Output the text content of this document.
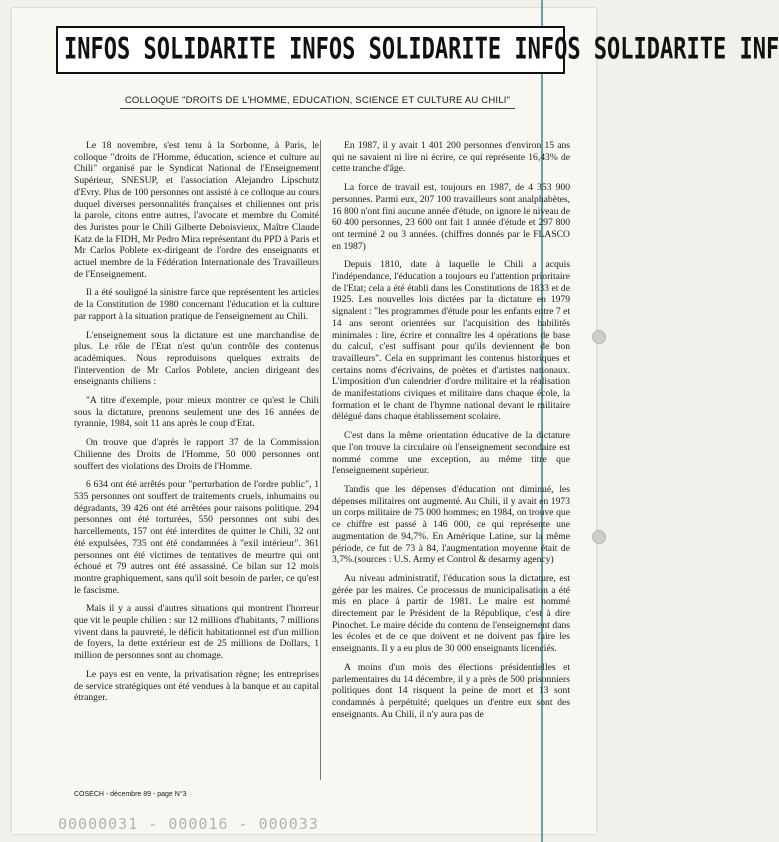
INFOS SOLIDARITE INFOS SOLIDARITE INFOS SOLIDARITE INF
COLLOQUE "DROITS DE L'HOMME, EDUCATION, SCIENCE ET CULTURE AU CHILI"

Le 18 novembre, s'est tenu à la Sorbonne, à Paris, le colloque "droits de l'Homme, éducation, science et culture au Chili" organisé par le Syndicat National de l'Enseignement Supérieur, SNESUP, et l'association Alejandro Lipschutz d'Evry. Plus de 100 personnes ont assisté à ce colloque au cours duquel diverses personnalités françaises et chiliennes ont pris la parole, citons entre autres, l'avocate et membre du Comité des Juristes pour le Chili Gilberte Deboisvieux, Maître Claude Katz de la FIDH, Mr Pedro Mira représentant du PPD à Paris et Mr Carlos Poblete ex-dirigeant de l'ordre des enseignants et actuel membre de la Fédération Internationale des Travailleurs de l'Enseignement.

Il a été souligné la sinistre farce que représentent les articles de la Constitution de 1980 concernant l'éducation et la culture par rapport à la situation pratique de l'enseignement au Chili.

L'enseignement sous la dictature est une marchandise de plus. Le rôle de l'Etat n'est qu'un contrôle des contenus académiques. Nous reproduisons quelques extraits de l'intervention de Mr Carlos Poblete, ancien dirigeant des enseignants chiliens :

"A titre d'exemple, pour mieux montrer ce qu'est le Chili sous la dictature, prenons seulement une des 16 années de tyrannie, 1984, soit 11 ans après le coup d'Etat.

On trouve que d'après le rapport 37 de la Commission Chilienne des Droits de l'Homme, 50 000 personnes ont souffert des violations des Droits de l'Homme.

6 634 ont été arrêtés pour "perturbation de l'ordre public", 1 535 personnes ont souffert de traitements cruels, inhumains ou dégradants, 39 426 ont été arrêtées pour raisons politique. 294 personnes ont été torturées, 550 personnes ont subi des harcellements, 157 ont été interdites de quitter le Chili, 32 ont été expulsées, 735 ont été condamnées à "exil intérieur". 361 personnes ont été victimes de tentatives de meurtre qui ont échoué et 79 autres ont été assassiné. Ce bilan sur 12 mois montre graphiquement, sans qu'il soit besoin de parler, ce qu'est le fascisme.

Mais il y a aussi d'autres situations qui montrent l'horreur que vit le peuple chilien : sur 12 millions d'habitants, 7 millions vivent dans la pauvreté, le déficit habitationnel est d'un million de foyers, la dette extérieur est de 25 millions de Dollars, 1 million de personnes sont au chomage.

Le pays est en vente, la privatisation règne; les entreprises de service stratégiques ont été vendues à la banque et au capital étranger.

En 1987, il y avait 1 401 200 personnes d'environ 15 ans qui ne savaient ni lire ni écrire, ce qui représente 16,43% de cette tranche d'âge.

La force de travail est, toujours en 1987, de 4 353 900 personnes. Parmi eux, 207 100 travailleurs sont analphabètes, 16 800 n'ont fini aucune année d'étude, on ignore le niveau de 60 400 personnes, 23 600 ont fait 1 année d'étude et 297 800 ont terminé 2 ou 3 années. (chiffres donnés par le FLASCO en 1987)

Depuis 1810, date à laquelle le Chili a acquis l'indépendance, l'éducation a toujours eu l'attention prioritaire de l'Etat; cela a été établi dans les Constitutions de 1833 et de 1925. Les nouvelles lois dictées par la dictature en 1979 signalent : "les programmes d'étude pour les enfants entre 7 et 14 ans seront orientées sur l'acquisition des habilités minimales : lire, écrire et connaître les 4 opérations de base du calcul, c'est suffisant pour qu'ils deviennent de bon travailleurs". Cela en supprimant les contenus historiques et certains noms d'écrivains, de poètes et d'artistes nationaux. L'imposition d'un calendrier d'ordre militaire et la réalisation de manifestations civiques et militaire dans chaque école, la formation et le chant de l'hymne national devant le militaire délégué dans chaque établissement scolaire.

C'est dans la même orientation éducative de la dictature que l'on trouve la circulaire où l'enseignement secondaire est nommé comme une exception, au même titre que l'enseignement supérieur.

Tandis que les dépenses d'éducation ont diminué, les dépenses militaires ont augmenté. Au Chili, il y avait en 1973 un corps militaire de 75 000 hommes; en 1984, on trouve que ce chiffre est passé à 146 000, ce qui représente une augmentation de 94,7%. En Amérique Latine, sur la même période, ce fut de 73 à 84, l'augmentation moyenne était de 3,7%.(sources : U.S. Army et Control & desarmy agency)

Au niveau administratif, l'éducation sous la dictature, est gérée par les maires. Ce processus de municipalisation a été mis en place à partir de 1981. Le maire est nommé directement par le Président de la République, c'est à dire Pinochet. Le maire décide du contenu de l'enseignement dans les écoles et de ce que doivent et ne doivent pas faire les enseignants. Il y a eu plus de 30 000 enseignants licenciés.

A moins d'un mois des élections présidentielles et parlementaires du 14 décembre, il y a près de 500 prisonniers politiques dont 14 risquent la peine de mort et 13 sont condamnés à perpétuité; quelques un d'entre eux sont des enseignants. Au Chili, il n'y aura pas de

COSECH - décembre 89 - page N°3
00000031 - 000016 - 000033
